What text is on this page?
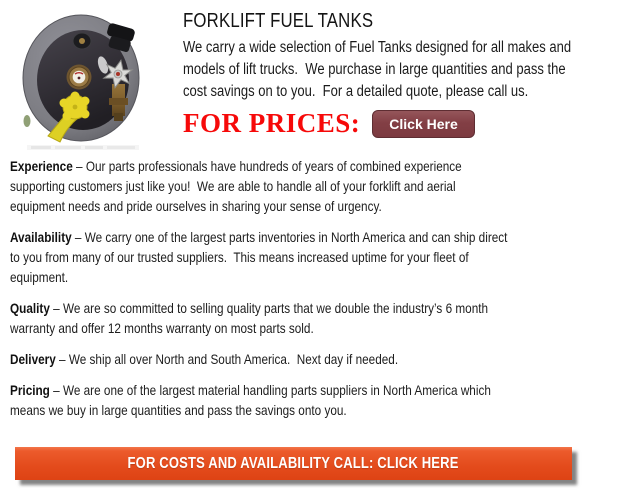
FORKLIFT FUEL TANKS

We carry a wide selection of Fuel Tanks designed for all makes and models of lift trucks.  We purchase in large quantities and pass the cost savings on to you.  For a detailed quote, please call us.

FOR PRICES:	Click Here

Experience – Our parts professionals have hundreds of years of combined experience supporting customers just like you!  We are able to handle all of your forklift and aerial equipment needs and pride ourselves in sharing your sense of urgency.

Availability – We carry one of the largest parts inventories in North America and can ship direct to you from many of our trusted suppliers.  This means increased uptime for your fleet of equipment.

Quality – We are so committed to selling quality parts that we double the industry’s 6 month warranty and offer 12 months warranty on most parts sold.

Delivery – We ship all over North and South America.  Next day if needed.

Pricing – We are one of the largest material handling parts suppliers in North America which means we buy in large quantities and pass the savings onto you.

FOR COSTS AND AVAILABILITY CALL: CLICK HERE
